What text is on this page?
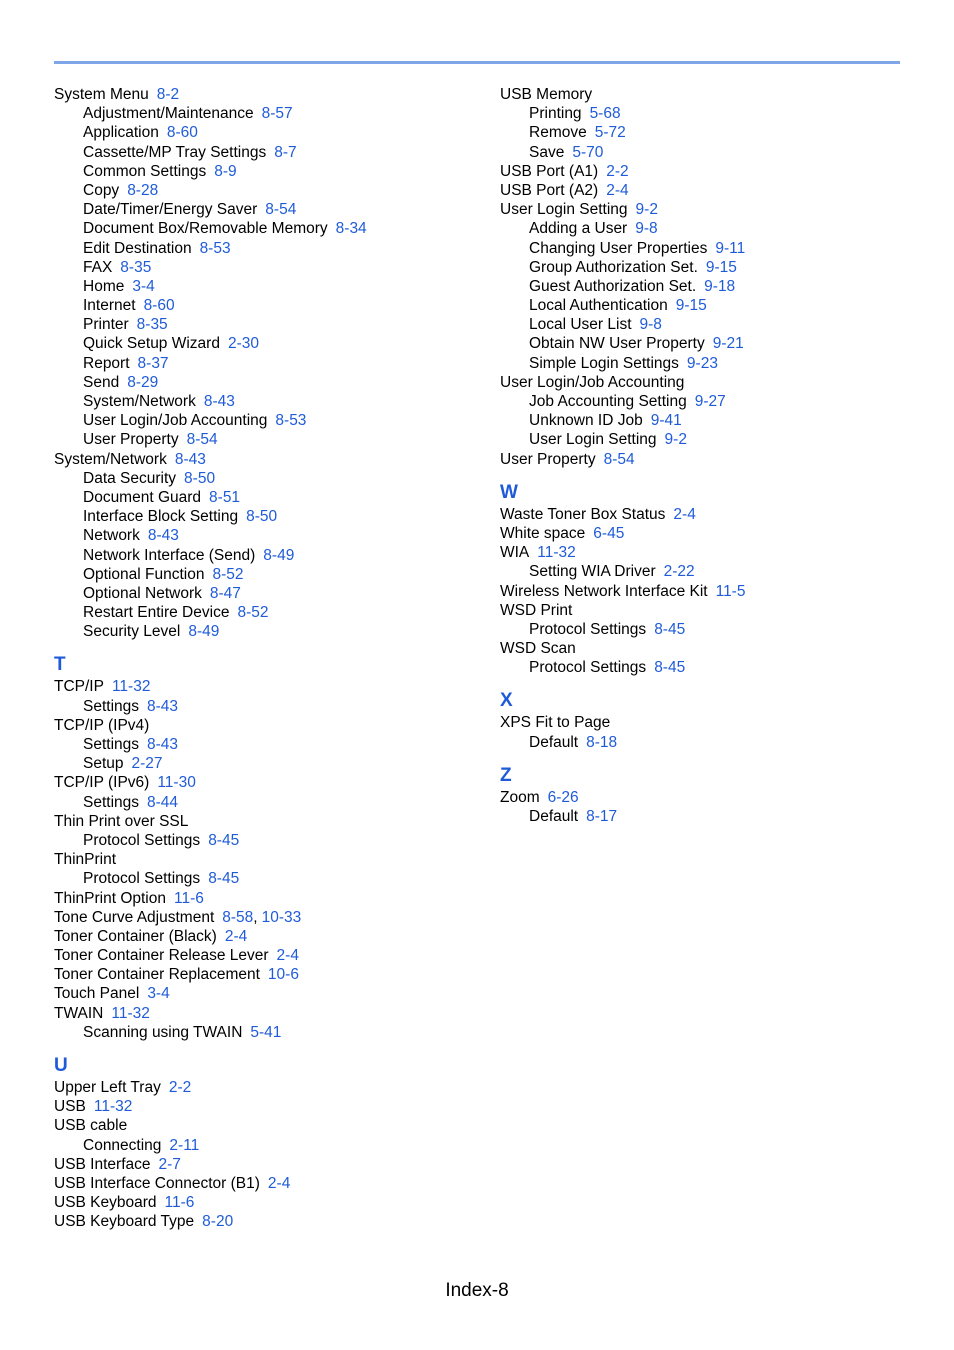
System Menu 8-2
Adjustment/Maintenance 8-57
Application 8-60
Cassette/MP Tray Settings 8-7
Common Settings 8-9
Copy 8-28
Date/Timer/Energy Saver 8-54
Document Box/Removable Memory 8-34
Edit Destination 8-53
FAX 8-35
Home 3-4
Internet 8-60
Printer 8-35
Quick Setup Wizard 2-30
Report 8-37
Send 8-29
System/Network 8-43
User Login/Job Accounting 8-53
User Property 8-54
System/Network 8-43
Data Security 8-50
Document Guard 8-51
Interface Block Setting 8-50
Network 8-43
Network Interface (Send) 8-49
Optional Function 8-52
Optional Network 8-47
Restart Entire Device 8-52
Security Level 8-49
T
TCP/IP 11-32
Settings 8-43
TCP/IP (IPv4)
Settings 8-43
Setup 2-27
TCP/IP (IPv6) 11-30
Settings 8-44
Thin Print over SSL
Protocol Settings 8-45
ThinPrint
Protocol Settings 8-45
ThinPrint Option 11-6
Tone Curve Adjustment 8-58, 10-33
Toner Container (Black) 2-4
Toner Container Release Lever 2-4
Toner Container Replacement 10-6
Touch Panel 3-4
TWAIN 11-32
Scanning using TWAIN 5-41
U
Upper Left Tray 2-2
USB 11-32
USB cable
Connecting 2-11
USB Interface 2-7
USB Interface Connector (B1) 2-4
USB Keyboard 11-6
USB Keyboard Type 8-20
USB Memory
Printing 5-68
Remove 5-72
Save 5-70
USB Port (A1) 2-2
USB Port (A2) 2-4
User Login Setting 9-2
Adding a User 9-8
Changing User Properties 9-11
Group Authorization Set. 9-15
Guest Authorization Set. 9-18
Local Authentication 9-15
Local User List 9-8
Obtain NW User Property 9-21
Simple Login Settings 9-23
User Login/Job Accounting
Job Accounting Setting 9-27
Unknown ID Job 9-41
User Login Setting 9-2
User Property 8-54
W
Waste Toner Box Status 2-4
White space 6-45
WIA 11-32
Setting WIA Driver 2-22
Wireless Network Interface Kit 11-5
WSD Print
Protocol Settings 8-45
WSD Scan
Protocol Settings 8-45
X
XPS Fit to Page
Default 8-18
Z
Zoom 6-26
Default 8-17
Index-8
